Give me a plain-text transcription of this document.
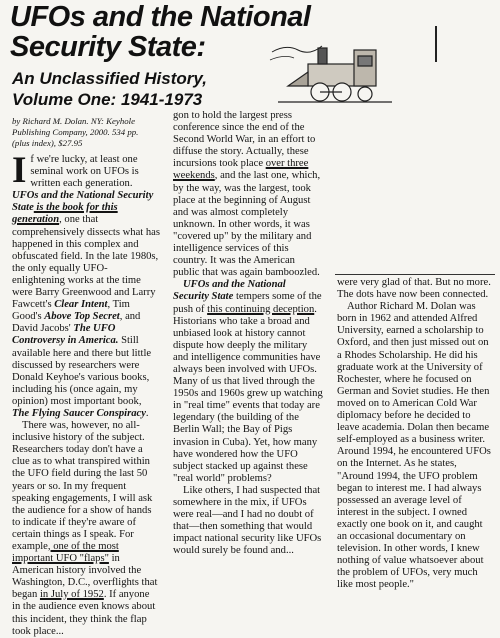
UFOs and the National
Security State:
An Unclassified History,
Volume One: 1941-1973
by Richard M. Dolan. NY: Keyhole Publishing Company, 2000. 534 pp. (plus index), $27.95

If we're lucky, at least one seminal work on UFOs is written each generation. UFOs and the National Security State is the book for this generation, one that comprehensively dissects what has happened in this complex and obfuscated field. In the late 1980s, the only equally UFO-enlightening works at the time were Barry Greenwood and Larry Fawcett's Clear Intent, Tim Good's Above Top Secret, and David Jacobs' The UFO Controversy in America. Still available here and there but little discussed by researchers were Donald Keyhoe's various books, including his (once again, my opinion) most important book, The Flying Saucer Conspiracy.

There was, however, no all-inclusive history of the subject. Researchers today don't have a clue as to what transpired within the UFO field during the last 50 years or so. In my frequent speaking engagements, I will ask the audience for a show of hands to indicate if they're aware of certain things as I speak. For example, one of the most important UFO "flaps" in American history involved the Washington, D.C., overflights that began in July of 1952. If anyone in the audience even knows about this incident, they think the flap took place...

gon to hold the largest press conference since the end of the Second World War, in an effort to diffuse the story. Actually, these incursions took place over three weekends, and the last one, which, by the way, was the largest, took place at the beginning of August and was almost completely unknown. In other words, it was "covered up" by the military and intelligence services of this country. It was the American public that was again bamboozled.

UFOs and the National Security State tempers some of the push of this continuing deception. Historians who take a broad and unbiased look at history cannot dispute how deeply the military and intelligence communities have always been involved with UFOs. Many of us that lived through the 1950s and 1960s grew up watching in "real time" events that today are legendary (the building of the Berlin Wall; the Bay of Pigs invasion in Cuba). Yet, how many have wondered how the UFO subject stacked up against these "real world" problems?

Like others, I had suspected that somewhere in the mix, if UFOs were real—and I had no doubt of that—then something that would impact national security like UFOs would surely be found and...

were very glad of that. But no more. The dots have now been connected.

Author Richard M. Dolan was born in 1962 and attended Alfred University, earned a scholarship to Oxford, and then just missed out on a Rhodes Scholarship. He did his graduate work at the University of Rochester, where he focused on German and Soviet studies. He then moved on to American Cold War diplomacy before he decided to leave academia. Dolan then became self-employed as a business writer. Around 1994, he encountered UFOs on the Internet. As he states, "Around 1994, the UFO problem began to interest me. I had always possessed an average level of interest in the subject. I owned exactly one book on it, and caught an occasional documentary on television. In other words, I knew nothing of value whatsoever about the problem of UFOs, very much like most people."
